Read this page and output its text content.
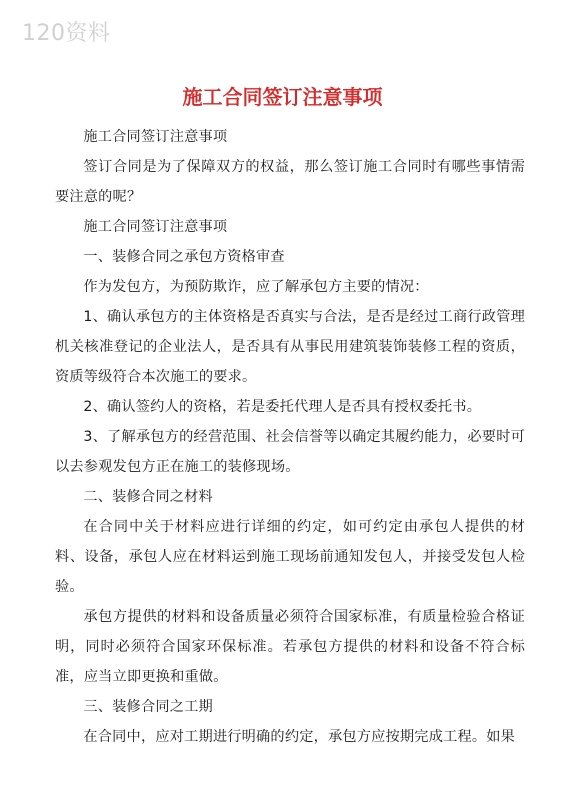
120资料
施工合同签订注意事项

施工合同签订注意事项

签订合同是为了保障双方的权益，那么签订施工合同时有哪些事情需要注意的呢？

施工合同签订注意事项

一、装修合同之承包方资格审查

作为发包方，为预防欺诈，应了解承包方主要的情况：

1、确认承包方的主体资格是否真实与合法，是否是经过工商行政管理机关核准登记的企业法人，是否具有从事民用建筑装饰装修工程的资质，资质等级符合本次施工的要求。

2、确认签约人的资格，若是委托代理人是否具有授权委托书。

3、了解承包方的经营范围、社会信誉等以确定其履约能力，必要时可以去参观发包方正在施工的装修现场。

二、装修合同之材料

在合同中关于材料应进行详细的约定，如可约定由承包人提供的材料、设备，承包人应在材料运到施工现场前通知发包人，并接受发包人检验。

承包方提供的材料和设备质量必须符合国家标准，有质量检验合格证明，同时必须符合国家环保标准。若承包方提供的材料和设备不符合标准，应当立即更换和重做。

三、装修合同之工期

在合同中，应对工期进行明确的约定，承包方应按期完成工程。如果
